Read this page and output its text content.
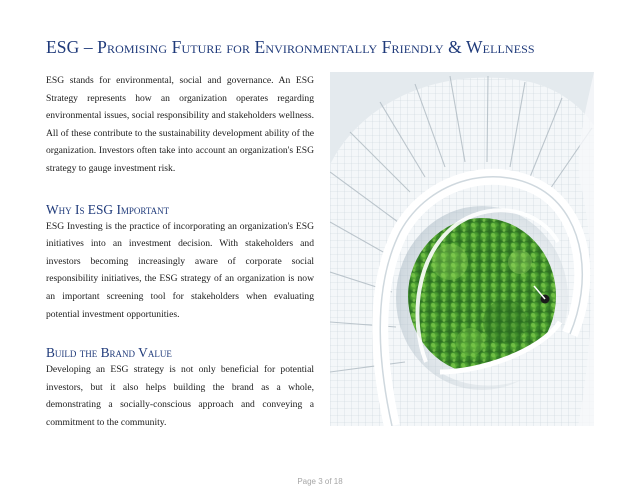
ESG – Promising Future for Environmentally Friendly & Wellness

ESG stands for environmental, social and governance. An ESG Strategy represents how an organization operates regarding environmental issues, social responsibility and stakeholders wellness. All of these contribute to the sustainability development ability of the organization. Investors often take into account an organization's ESG strategy to gauge investment risk.

Why Is ESG Important

ESG Investing is the practice of incorporating an organization's ESG initiatives into an investment decision. With stakeholders and investors becoming increasingly aware of corporate social responsibility initiatives, the ESG strategy of an organization is now an important screening tool for stakeholders when evaluating potential investment opportunities.

Build the Brand Value

Developing an ESG strategy is not only beneficial for potential investors, but it also helps building the brand as a whole, demonstrating a socially-conscious approach and conveying a commitment to the community.

Page 3 of 18
